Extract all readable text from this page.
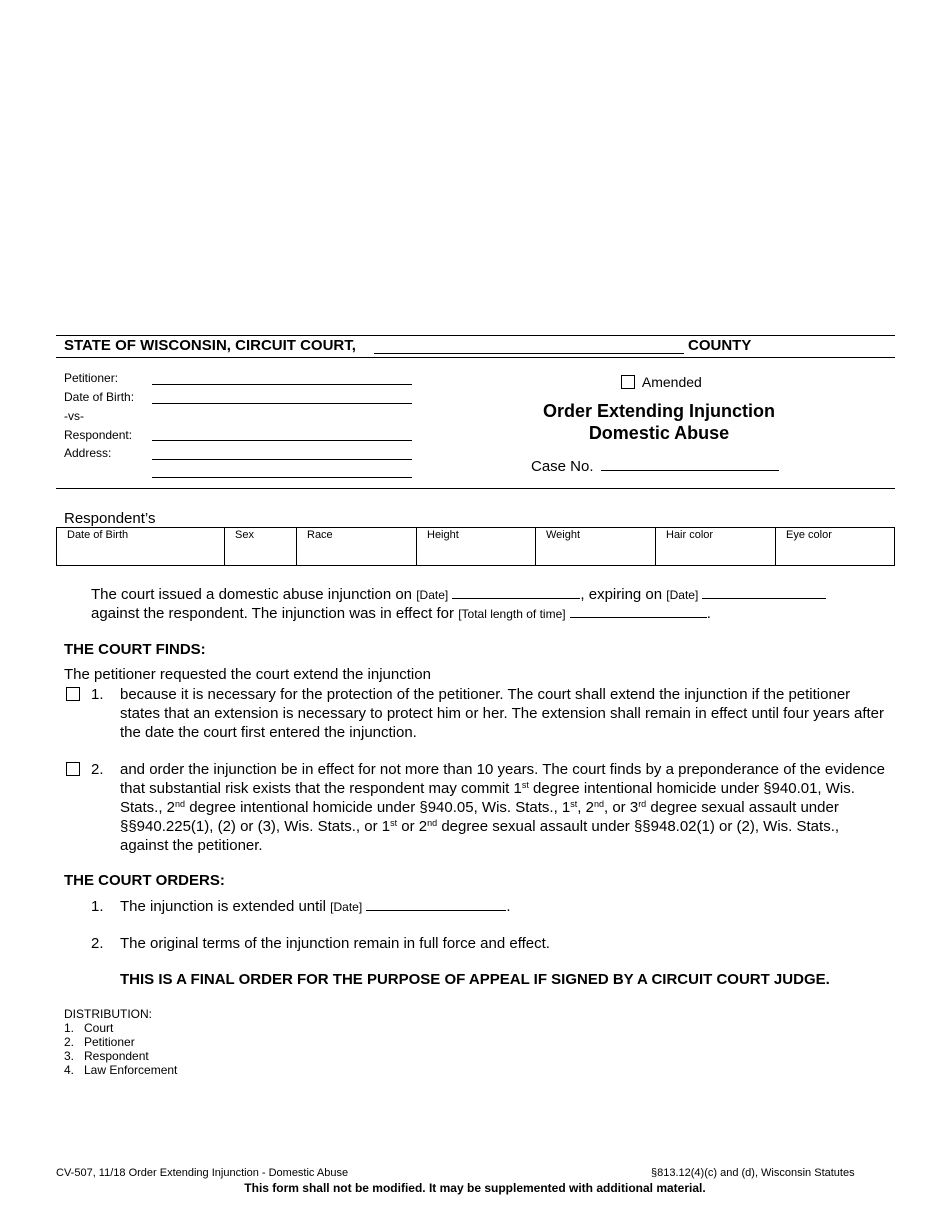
STATE OF WISCONSIN, CIRCUIT COURT,	COUNTY
Petitioner:
Date of Birth:
-vs-
Respondent:
Address:
Amended
Order Extending Injunction
Domestic Abuse
Case No.
Respondent’s
Date of Birth	Sex	Race	Height	Weight	Hair color	Eye color
The court issued a domestic abuse injunction on [Date]	, expiring on [Date]
against the respondent. The injunction was in effect for [Total length of time]	.
THE COURT FINDS:
The petitioner requested the court extend the injunction
1. because it is necessary for the protection of the petitioner. The court shall extend the injunction if the petitioner states that an extension is necessary to protect him or her. The extension shall remain in effect until four years after the date the court first entered the injunction.
2. and order the injunction be in effect for not more than 10 years. The court finds by a preponderance of the evidence that substantial risk exists that the respondent may commit 1st degree intentional homicide under §940.01, Wis. Stats., 2nd degree intentional homicide under §940.05, Wis. Stats., 1st, 2nd, or 3rd degree sexual assault under §§940.225(1), (2) or (3), Wis. Stats., or 1st or 2nd degree sexual assault under §§948.02(1) or (2), Wis. Stats., against the petitioner.
THE COURT ORDERS:
1. The injunction is extended until [Date]	.
2. The original terms of the injunction remain in full force and effect.
THIS IS A FINAL ORDER FOR THE PURPOSE OF APPEAL IF SIGNED BY A CIRCUIT COURT JUDGE.
DISTRIBUTION:
1. Court
2. Petitioner
3. Respondent
4. Law Enforcement
CV-507, 11/18 Order Extending Injunction - Domestic Abuse	§813.12(4)(c) and (d), Wisconsin Statutes
This form shall not be modified. It may be supplemented with additional material.
